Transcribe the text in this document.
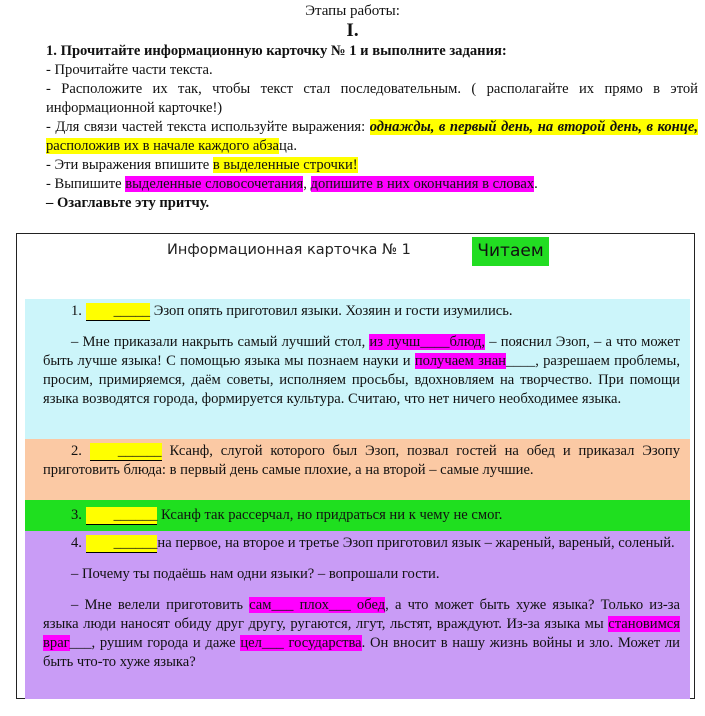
Этапы работы:
I.
1. Прочитайте информационную карточку № 1 и выполните задания:
- Прочитайте части текста.
- Расположите их так, чтобы текст стал последовательным. ( располагайте их прямо в этой информационной карточке!)
- Для связи частей текста используйте выражения: однажды, в первый день, на второй день, в конце, расположив их в начале каждого абзаца.
- Эти выражения впишите в выделенные строчки!
- Выпишите выделенные словосочетания, допишите в них окончания в словах.
– Озаглавьте эту притчу.
Информационная карточка № 1	Читаем

1. _____ Эзоп опять приготовил языки. Хозяин и гости изумились.

– Мне приказали накрыть самый лучший стол, из лучш____блюд, – пояснил Эзоп, – а что может быть лучше языка! С помощью языка мы познаем науки и получаем знан____, разрешаем проблемы, просим, примиряемся, даём советы, исполняем просьбы, вдохновляем на творчество. При помощи языка возводятся города, формируется культура. Считаю, что нет ничего необходимее языка.

2. ______ Ксанф, слугой которого был Эзоп, позвал гостей на обед и приказал Эзопу приготовить блюда: в первый день самые плохие, а на второй – самые лучшие.

3. ______ Ксанф так рассерчал, но придраться ни к чему не смог.

4. ______на первое, на второе и третье Эзоп приготовил язык – жареный, вареный, соленый.

– Почему ты подаёшь нам одни языки? – вопрошали гости.

– Мне велели приготовить сам___ плох___ обед, а что может быть хуже языка? Только из-за языка люди наносят обиду друг другу, ругаются, лгут, льстят, враждуют. Из-за языка мы становимся враг___, рушим города и даже цел___ государства. Он вносит в нашу жизнь войны и зло. Может ли быть что-то хуже языка?
